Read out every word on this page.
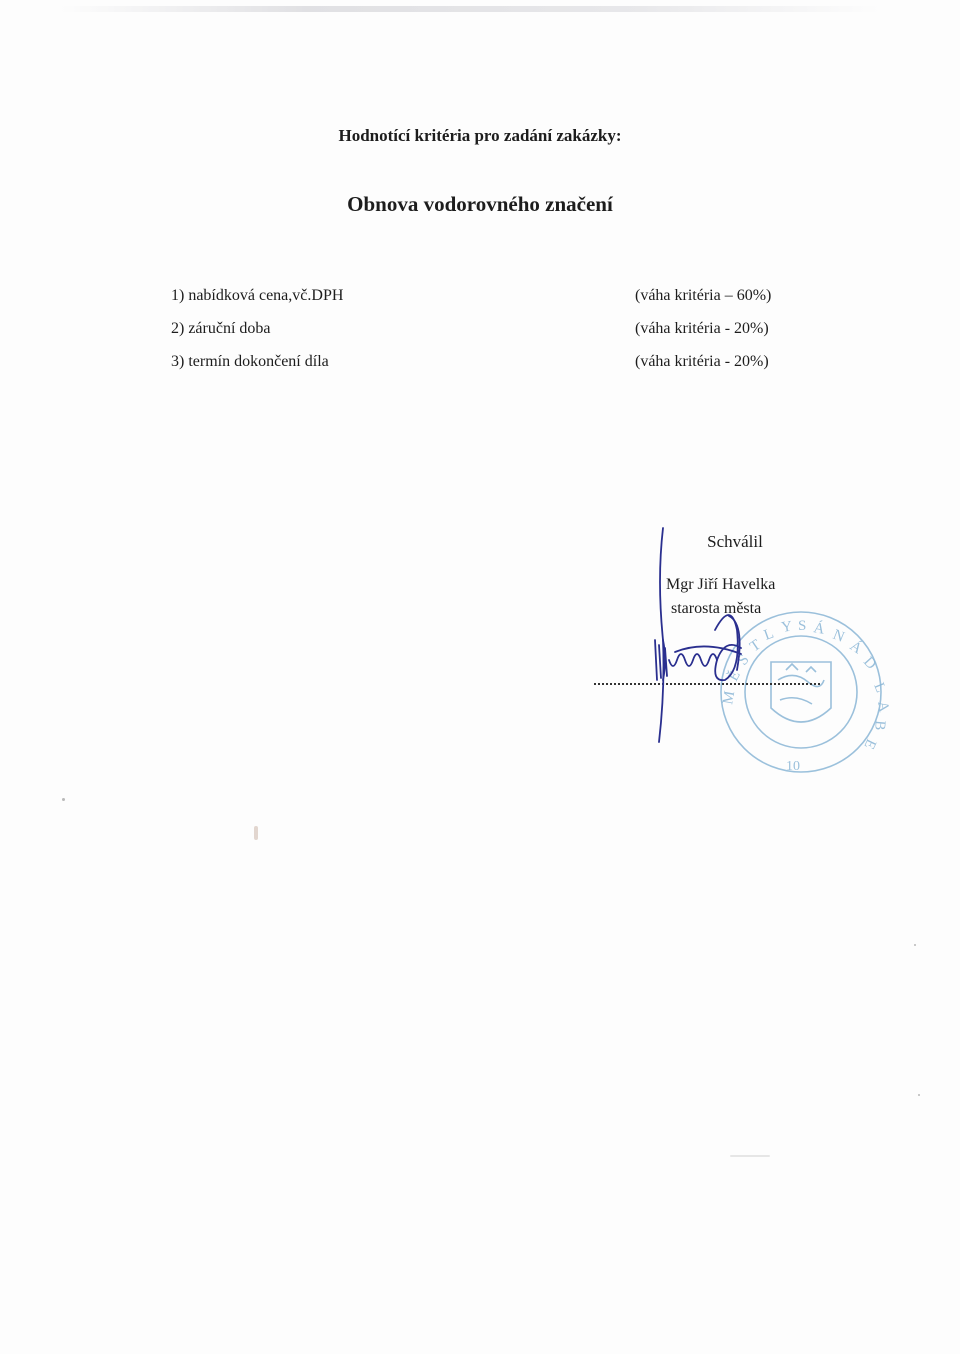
Hodnotící kritéria pro zadání zakázky:
Obnova vodorovného značení
1) nabídková cena,vč.DPH	(váha kritéria – 60%)
2) záruční doba	(váha kritéria - 20%)
3) termín dokončení díla	(váha kritéria - 20%)
L Y S Á N
Á
D
L
A
B
E
M
Ě
S
T
10
Schválil
Mgr Jiří Havelka
starosta města
